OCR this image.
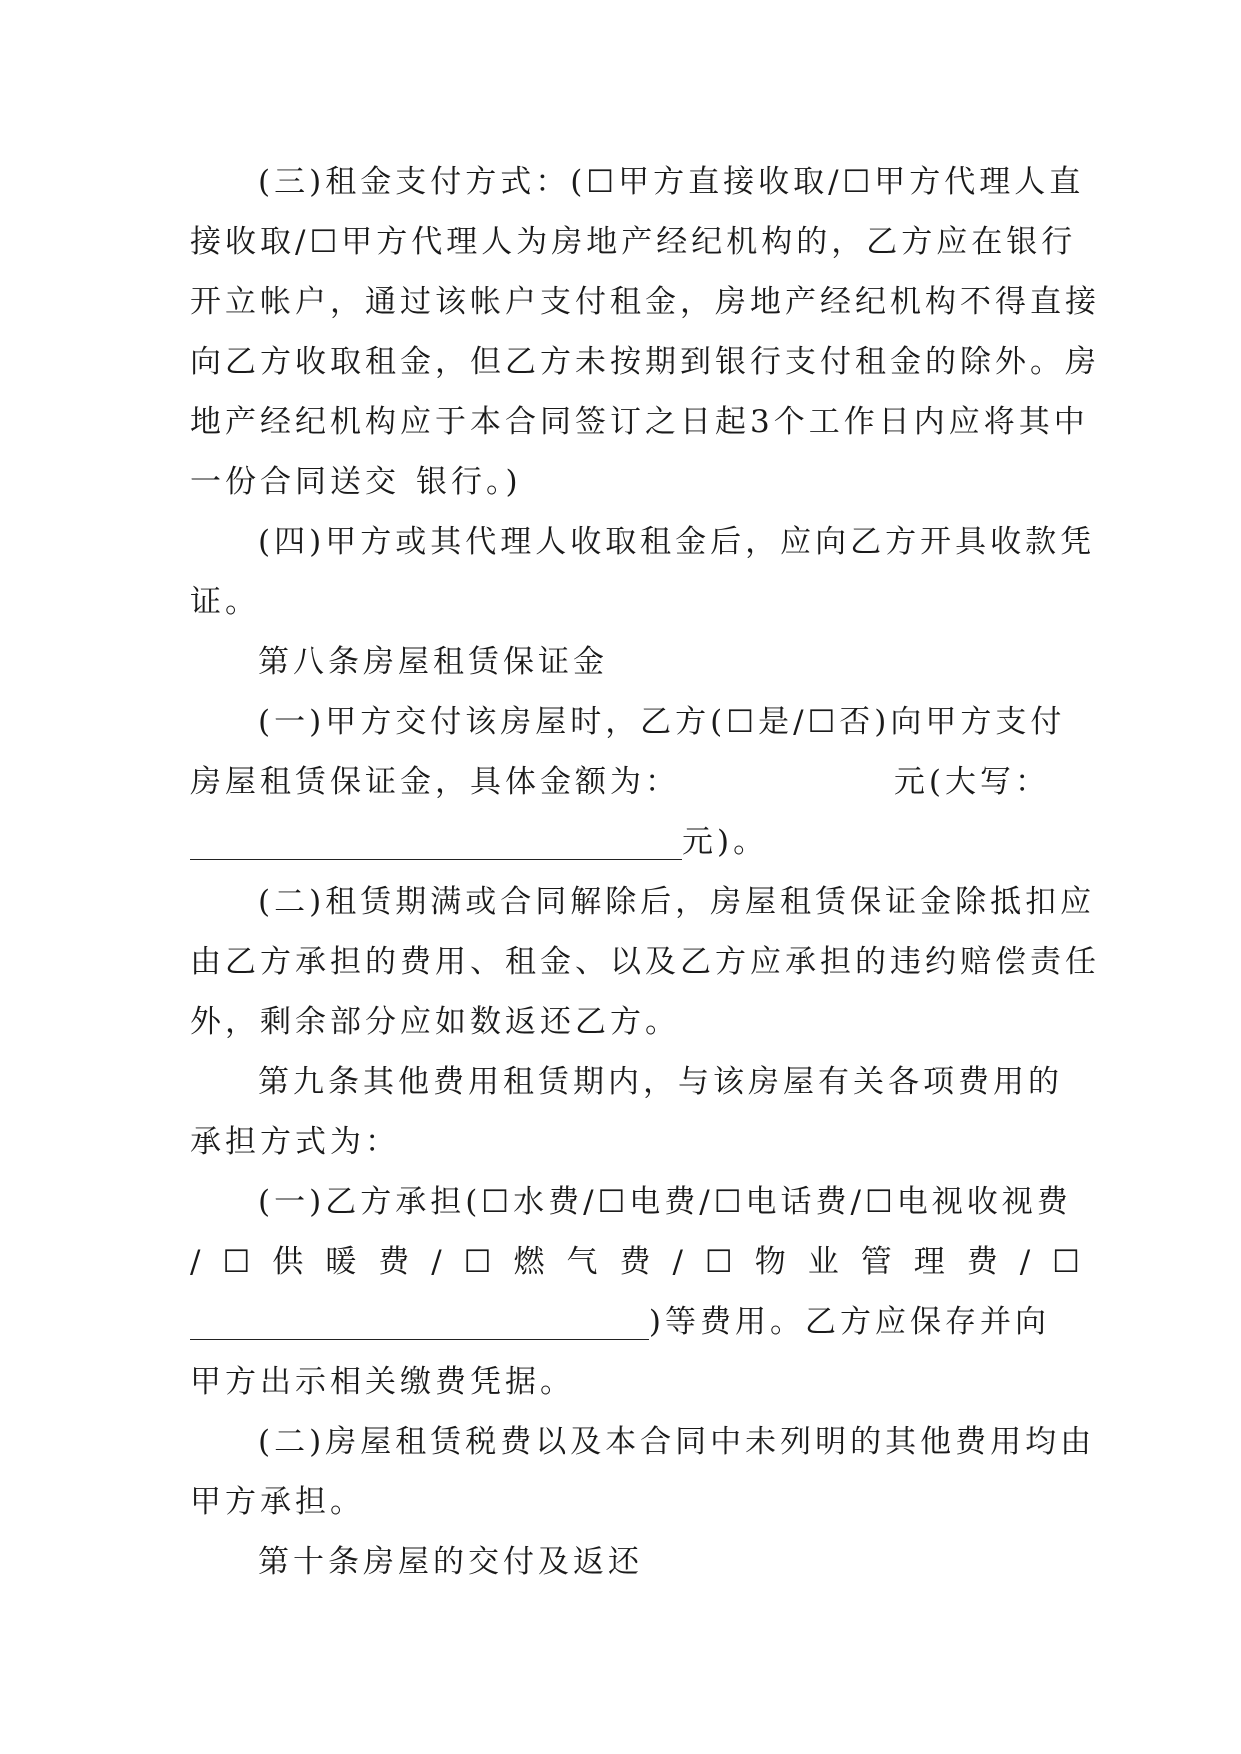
(三)租金支付方式：(☐甲方直接收取/☐甲方代理人直
接收取/☐甲方代理人为房地产经纪机构的，乙方应在 银行
开立帐户，通过该帐户支付租金，房地产经纪机构不得直接
向乙方收取租金，但乙方未按期到银行支付租金的除外。房
地产经纪机构应于本合同签订之日起3个工作日内应将其中
一份合同送交 银行。)
(四)甲方或其代理人收取租金后，应向乙方开具收款凭
证。
第八条房屋租赁保证金
(一)甲方交付该房屋时，乙方(☐是/☐否)向甲方支付
房屋租赁保证金，具体金额为：	元(大写：
元)。
(二)租赁期满或合同解除后，房屋租赁保证金除抵扣应
由乙方承担的费用、租金、以及乙方应承担的违约赔偿责任
外，剩余部分应如数返还乙方。
第九条其他费用 租赁期内，与该房屋有关各项费用的
承担方式为：
(一)乙方承担(☐水费/☐电费/☐电话费/☐电视收视费
/☐供暖费/☐燃气费/☐物业管理费/☐
)等费用。乙方应保存并向
甲方出示相关缴费凭据。
(二)房屋租赁税费以及本合同中未列明的其他费用均由
甲方承担。
第十条房屋的交付及返还
